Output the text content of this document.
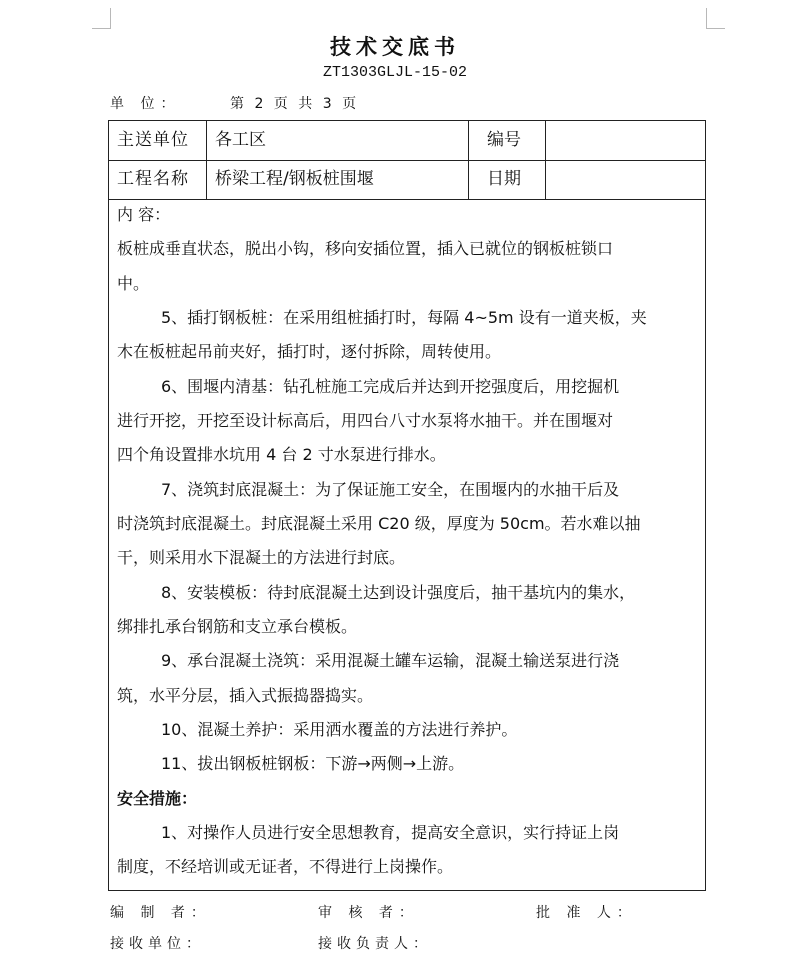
技术交底书
ZT1303GLJL-15-02
单 位：	第 2 页 共 3 页
主送单位	各工区	编号
工程名称	桥梁工程/钢板桩围堰	日期
内 容：
板桩成垂直状态，脱出小钩，移向安插位置，插入已就位的钢板桩锁口
中。
5、插打钢板桩：在采用组桩插打时，每隔 4~5m 设有一道夹板，夹
木在板桩起吊前夹好，插打时，逐付拆除，周转使用。
6、围堰内清基：钻孔桩施工完成后并达到开挖强度后，用挖掘机
进行开挖，开挖至设计标高后，用四台八寸水泵将水抽干。并在围堰对
四个角设置排水坑用 4 台 2 寸水泵进行排水。
7、浇筑封底混凝土：为了保证施工安全，在围堰内的水抽干后及
时浇筑封底混凝土。封底混凝土采用 C20 级，厚度为 50cm。若水难以抽
干，则采用水下混凝土的方法进行封底。
8、安装模板：待封底混凝土达到设计强度后，抽干基坑内的集水，
绑排扎承台钢筋和支立承台模板。
9、承台混凝土浇筑：采用混凝土罐车运输，混凝土输送泵进行浇
筑，水平分层，插入式振捣器捣实。
10、混凝土养护：采用洒水覆盖的方法进行养护。
11、拔出钢板桩钢板：下游→两侧→上游。
安全措施：
1、对操作人员进行安全思想教育，提高安全意识，实行持证上岗
制度，不经培训或无证者，不得进行上岗操作。
编 制 者：	审 核 者：	批 准 人：
接收单位：	接收负责人：
